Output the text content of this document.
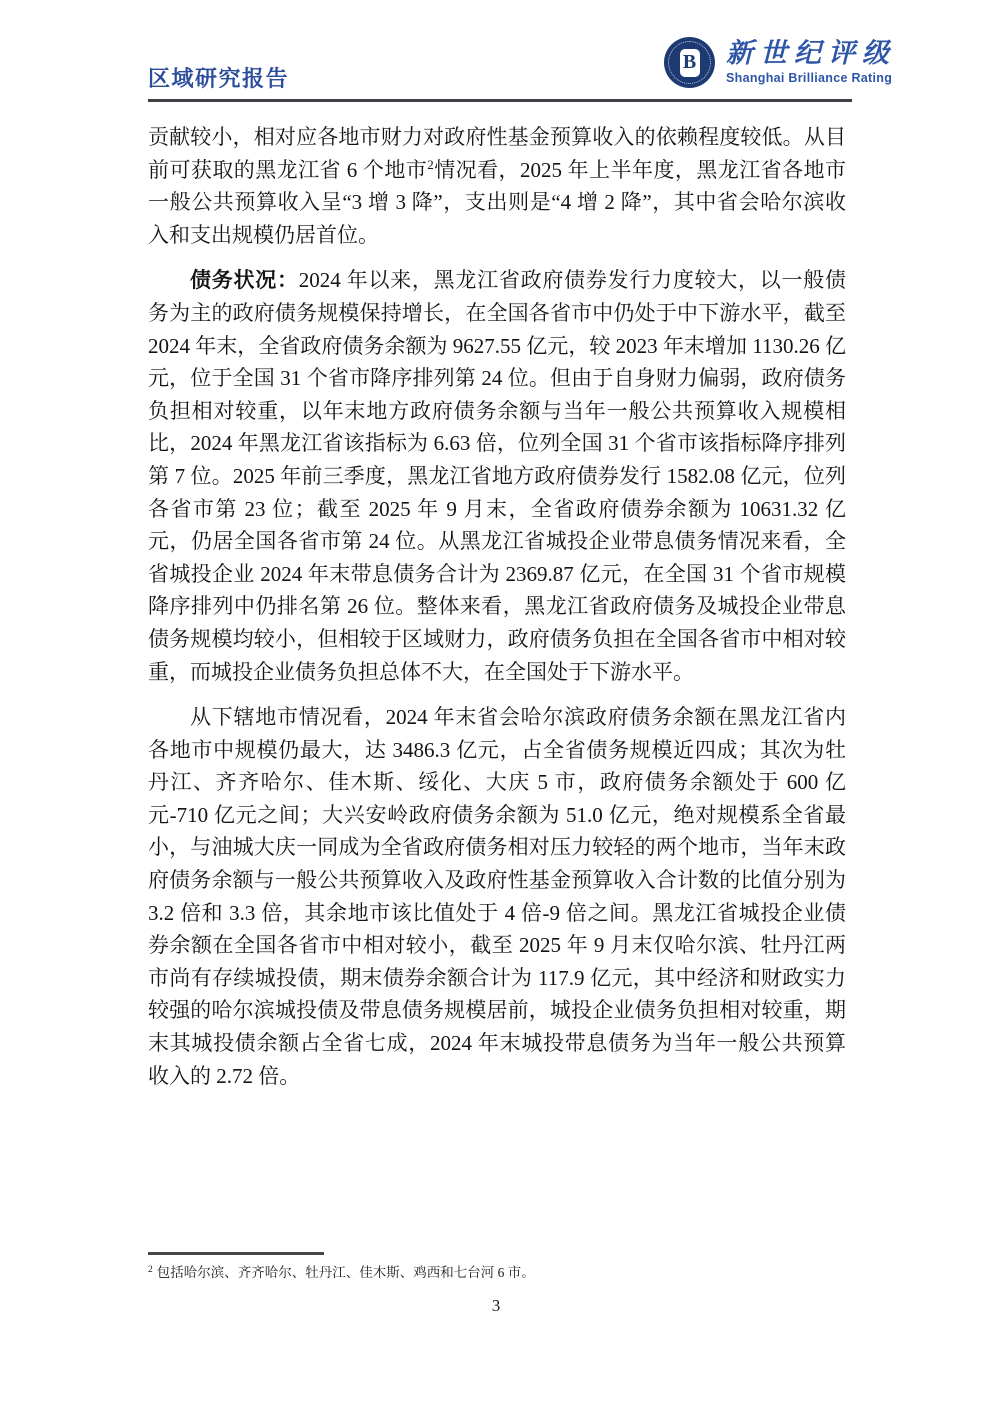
区域研究报告
B 新世纪评级
Shanghai Brilliance Rating

贡献较小，相对应各地市财力对政府性基金预算收入的依赖程度较低。从目前可获取的黑龙江省 6 个地市$^2$情况看，2025 年上半年度，黑龙江省各地市一般公共预算收入呈“3 增 3 降”，支出则是“4 增 2 降”，其中省会哈尔滨收入和支出规模仍居首位。

债务状况：2024 年以来，黑龙江省政府债券发行力度较大，以一般债务为主的政府债务规模保持增长，在全国各省市中仍处于中下游水平，截至 2024 年末，全省政府债务余额为 9627.55 亿元，较 2023 年末增加 1130.26 亿元，位于全国 31 个省市降序排列第 24 位。但由于自身财力偏弱，政府债务负担相对较重，以年末地方政府债务余额与当年一般公共预算收入规模相比，2024 年黑龙江省该指标为 6.63 倍，位列全国 31 个省市该指标降序排列第 7 位。2025 年前三季度，黑龙江省地方政府债券发行 1582.08 亿元，位列各省市第 23 位；截至 2025 年 9 月末，全省政府债券余额为 10631.32 亿元，仍居全国各省市第 24 位。从黑龙江省城投企业带息债务情况来看，全省城投企业 2024 年末带息债务合计为 2369.87 亿元，在全国 31 个省市规模降序排列中仍排名第 26 位。整体来看，黑龙江省政府债务及城投企业带息债务规模均较小，但相较于区域财力，政府债务负担在全国各省市中相对较重，而城投企业债务负担总体不大，在全国处于下游水平。

从下辖地市情况看，2024 年末省会哈尔滨政府债务余额在黑龙江省内各地市中规模仍最大，达 3486.3 亿元，占全省债务规模近四成；其次为牡丹江、齐齐哈尔、佳木斯、绥化、大庆 5 市，政府债务余额处于 600 亿元-710 亿元之间；大兴安岭政府债务余额为 51.0 亿元，绝对规模系全省最小，与油城大庆一同成为全省政府债务相对压力较轻的两个地市，当年末政府债务余额与一般公共预算收入及政府性基金预算收入合计数的比值分别为 3.2 倍和 3.3 倍，其余地市该比值处于 4 倍-9 倍之间。黑龙江省城投企业债券余额在全国各省市中相对较小，截至 2025 年 9 月末仅哈尔滨、牡丹江两市尚有存续城投债，期末债券余额合计为 117.9 亿元，其中经济和财政实力较强的哈尔滨城投债及带息债务规模居前，城投企业债务负担相对较重，期末其城投债余额占全省七成，2024 年末城投带息债务为当年一般公共预算收入的 2.72 倍。

$^2$ 包括哈尔滨、齐齐哈尔、牡丹江、佳木斯、鸡西和七台河 6 市。
3
